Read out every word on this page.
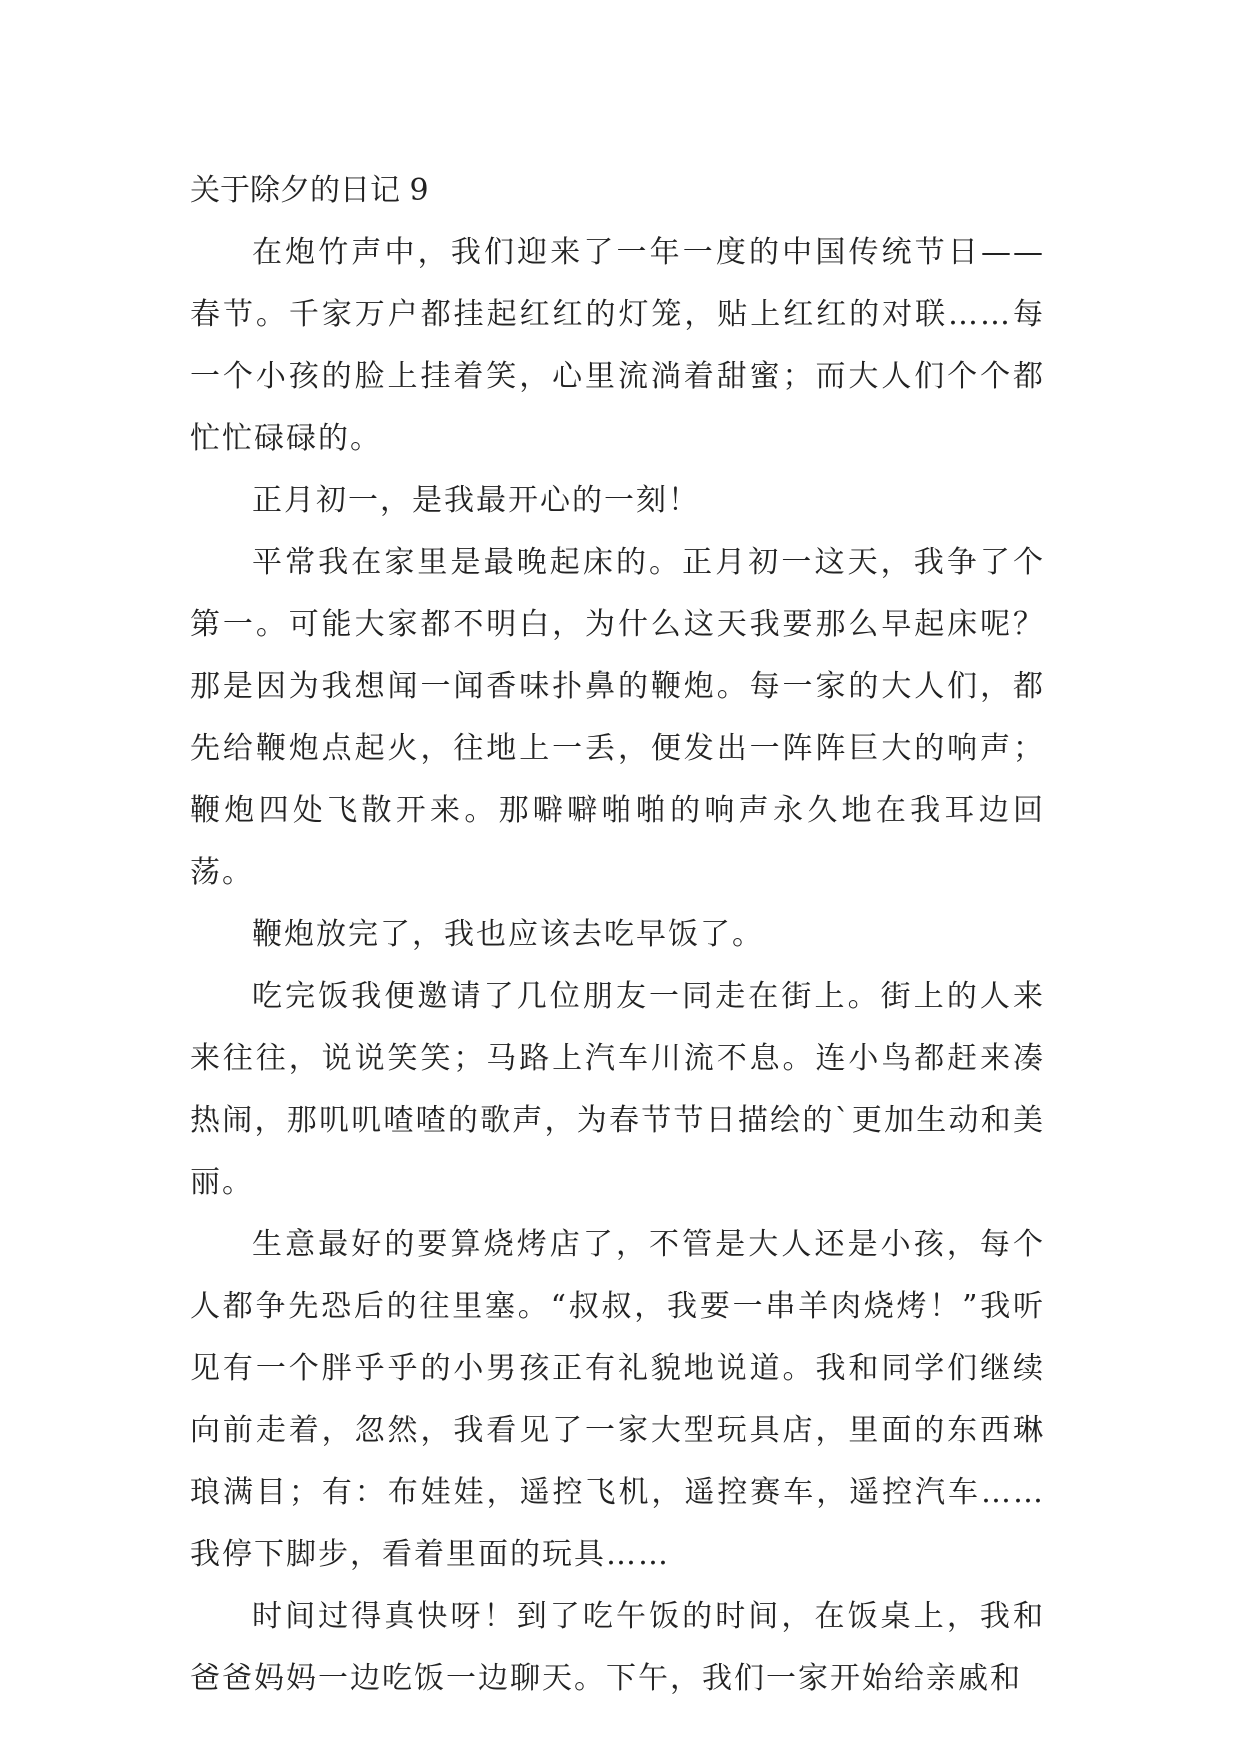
关于除夕的日记 9

在炮竹声中，我们迎来了一年一度的中国传统节日——春节。千家万户都挂起红红的灯笼，贴上红红的对联……每一个小孩的脸上挂着笑，心里流淌着甜蜜；而大人们个个都忙忙碌碌的。

正月初一，是我最开心的一刻！

平常我在家里是最晚起床的。正月初一这天，我争了个第一。可能大家都不明白，为什么这天我要那么早起床呢？那是因为我想闻一闻香味扑鼻的鞭炮。每一家的大人们，都先给鞭炮点起火，往地上一丢，便发出一阵阵巨大的响声；鞭炮四处飞散开来。那噼噼啪啪的响声永久地在我耳边回荡。

鞭炮放完了，我也应该去吃早饭了。

吃完饭我便邀请了几位朋友一同走在街上。街上的人来来往往，说说笑笑；马路上汽车川流不息。连小鸟都赶来凑热闹，那叽叽喳喳的歌声，为春节节日描绘的`更加生动和美丽。

生意最好的要算烧烤店了，不管是大人还是小孩，每个人都争先恐后的往里塞。“叔叔，我要一串羊肉烧烤！”我听见有一个胖乎乎的小男孩正有礼貌地说道。我和同学们继续向前走着，忽然，我看见了一家大型玩具店，里面的东西琳琅满目；有：布娃娃，遥控飞机，遥控赛车，遥控汽车……我停下脚步，看着里面的玩具……

时间过得真快呀！到了吃午饭的时间，在饭桌上，我和爸爸妈妈一边吃饭一边聊天。下午，我们一家开始给亲戚和
